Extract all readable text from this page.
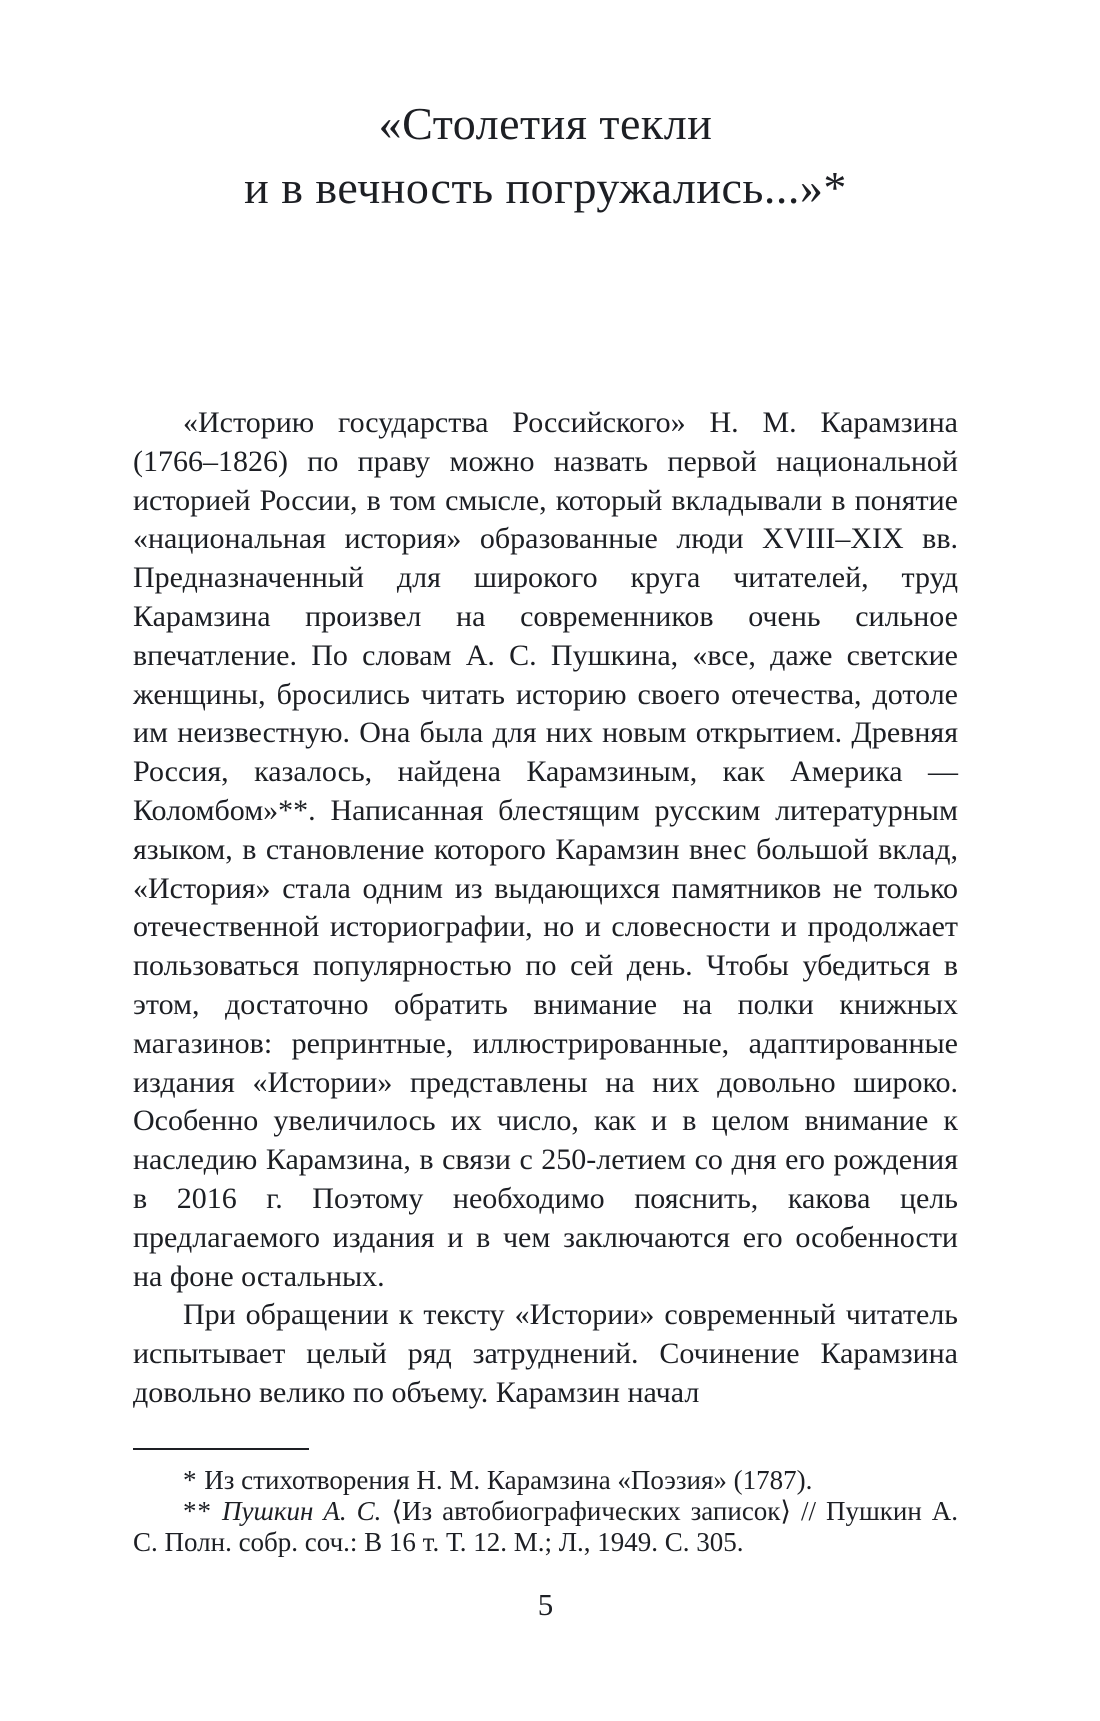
«Столетия текли
и в вечность погружались...»*

«Историю государства Российского» Н. М. Карамзина (1766–1826) по праву можно назвать первой национальной историей России, в том смысле, который вкладывали в понятие «национальная история» образованные люди XVIII–XIX вв. Предназначенный для широкого круга читателей, труд Карамзина произвел на современников очень сильное впечатление. По словам А. С. Пушкина, «все, даже светские женщины, бросились читать историю своего отечества, дотоле им неизвестную. Она была для них новым открытием. Древняя Россия, казалось, найдена Карамзиным, как Америка — Коломбом»**. Написанная блестящим русским литературным языком, в становление которого Карамзин внес большой вклад, «История» стала одним из выдающихся памятников не только отечественной историографии, но и словесности и продолжает пользоваться популярностью по сей день. Чтобы убедиться в этом, достаточно обратить внимание на полки книжных магазинов: репринтные, иллюстрированные, адаптированные издания «Истории» представлены на них довольно широко. Особенно увеличилось их число, как и в целом внимание к наследию Карамзина, в связи с 250-летием со дня его рождения в 2016 г. Поэтому необходимо пояснить, какова цель предлагаемого издания и в чем заключаются его особенности на фоне остальных.

При обращении к тексту «Истории» современный читатель испытывает целый ряд затруднений. Сочинение Карамзина довольно велико по объему. Карамзин начал

* Из стихотворения Н. М. Карамзина «Поэзия» (1787).

** Пушкин А. С. ⟨Из автобиографических записок⟩ // Пушкин А. С. Полн. собр. соч.: В 16 т. Т. 12. М.; Л., 1949. С. 305.

5
